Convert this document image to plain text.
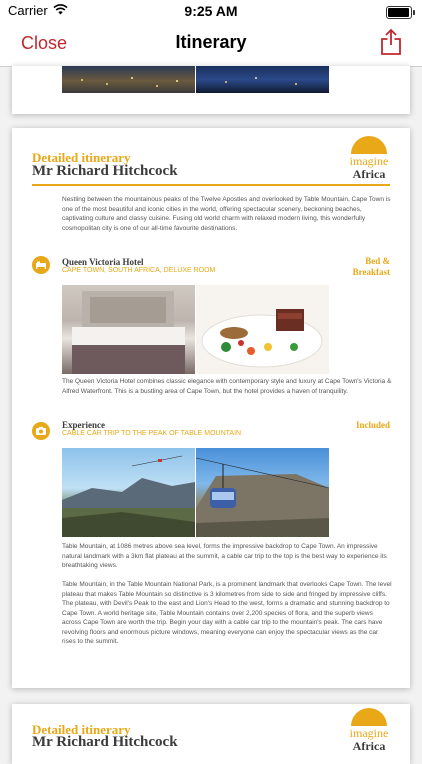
Carrier	9:25 AM
Close	Itinerary
Detailed itinerary
Mr Richard Hitchcock
imagine
Africa

Nestling between the mountainous peaks of the Twelve Apostles and overlooked by Table Mountain, Cape Town is one of the most beautiful and iconic cities in the world, offering spectacular scenery, beckoning beaches, captivating culture and classy cuisine. Fusing old world charm with relaxed modern living, this wonderfully cosmopolitan city is one of our all-time favourite destinations.

Queen Victoria Hotel
CAPE TOWN, SOUTH AFRICA, DELUXE ROOM
Bed &
Breakfast

The Queen Victoria Hotel combines classic elegance with contemporary style and luxury at Cape Town's Victoria & Alfred Waterfront. This is a bustling area of Cape Town, but the hotel provides a haven of tranquility.

Experience
CABLE CAR TRIP TO THE PEAK OF TABLE MOUNTAIN
Included

Table Mountain, at 1086 metres above sea level, forms the impressive backdrop to Cape Town. An impressive natural landmark with a 3km flat plateau at the summit, a cable car trip to the top is the best way to experience its breathtaking views.

Table Mountain, in the Table Mountain National Park, is a prominent landmark that overlooks Cape Town. The level plateau that makes Table Mountain so distinctive is 3 kilometres from side to side and fringed by impressive cliffs. The plateau, with Devil's Peak to the east and Lion's Head to the west, forms a dramatic and stunning backdrop to Cape Town. A world heritage site, Table Mountain contains over 2,200 species of flora, and the superb views across Cape Town are worth the trip. Begin your day with a cable car trip to the mountain's peak. The cars have revolving floors and enormous picture windows, meaning everyone can enjoy the spectacular views as the car rises to the summit.

Detailed itinerary
Mr Richard Hitchcock
imagine
Africa
